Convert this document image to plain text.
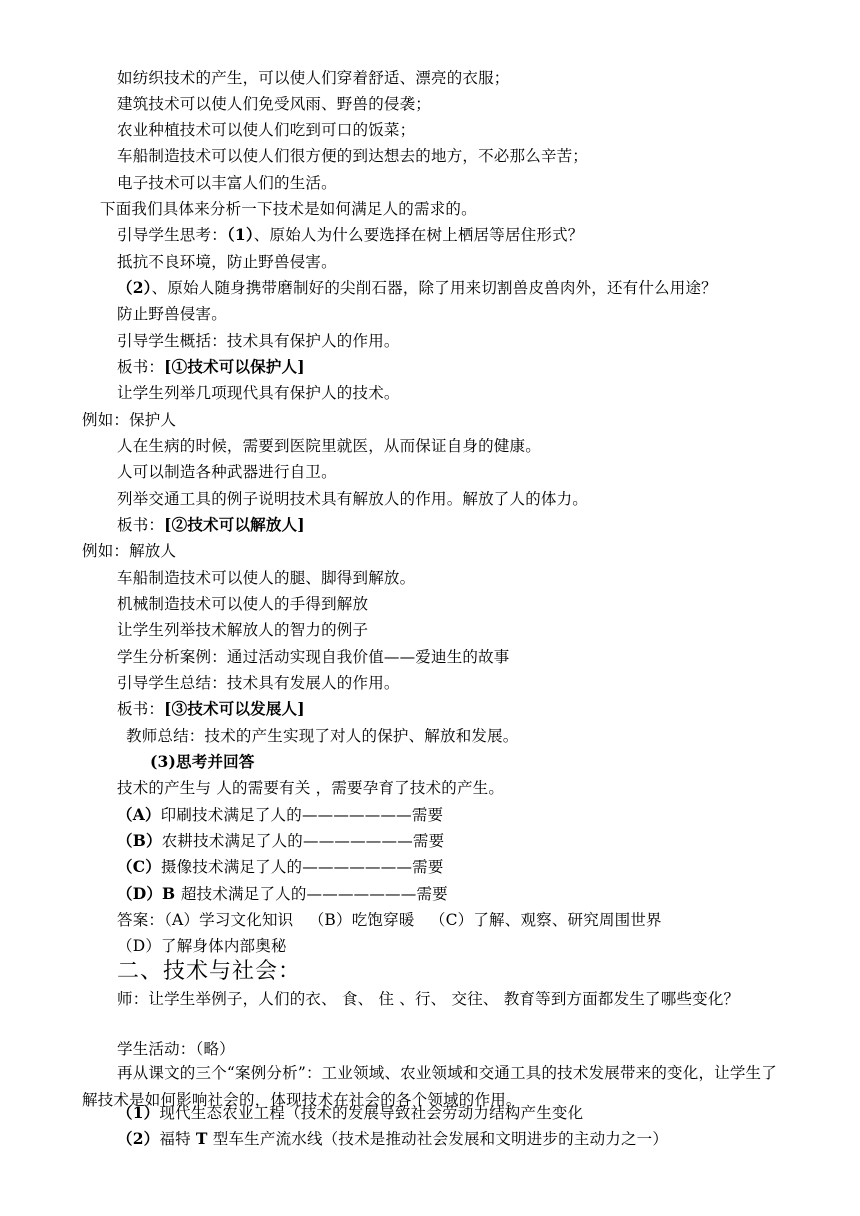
如纺织技术的产生，可以使人们穿着舒适、漂亮的衣服；
建筑技术可以使人们免受风雨、野兽的侵袭；
农业种植技术可以使人们吃到可口的饭菜；
车船制造技术可以使人们很方便的到达想去的地方，不必那么辛苦；
电子技术可以丰富人们的生活。
下面我们具体来分析一下技术是如何满足人的需求的。
引导学生思考：（1）、原始人为什么要选择在树上栖居等居住形式？
抵抗不良环境，防止野兽侵害。
（2）、原始人随身携带磨制好的尖削石器，除了用来切割兽皮兽肉外，还有什么用途？
防止野兽侵害。
引导学生概括：技术具有保护人的作用。
板书：[①技术可以保护人]
让学生列举几项现代具有保护人的技术。
例如：保护人
人在生病的时候，需要到医院里就医，从而保证自身的健康。
人可以制造各种武器进行自卫。
列举交通工具的例子说明技术具有解放人的作用。解放了人的体力。
板书：[②技术可以解放人]
例如：解放人
车船制造技术可以使人的腿、脚得到解放。
机械制造技术可以使人的手得到解放
让学生列举技术解放人的智力的例子
学生分析案例：通过活动实现自我价值——爱迪生的故事
引导学生总结：技术具有发展人的作用。
板书：[③技术可以发展人]
教师总结：技术的产生实现了对人的保护、解放和发展。
(3)思考并回答
技术的产生与 人的需要有关 ，需要孕育了技术的产生。
（A）印刷技术满足了人的———————需要
（B）农耕技术满足了人的———————需要
（C）摄像技术满足了人的———————需要
（D）B 超技术满足了人的———————需要
答案：（A）学习文化知识   （B）吃饱穿暖   （C）了解、观察、研究周围世界
（D）了解身体内部奥秘
二、技术与社会：
师：让学生举例子，人们的衣、 食、 住 、行、 交往、 教育等到方面都发生了哪些变化？
学生活动：（略）
再从课文的三个“案例分析”：工业领域、农业领域和交通工具的技术发展带来的变化，让学生了解技术是如何影响社会的，体现技术在社会的各个领域的作用。
（1）现代生态农业工程（技术的发展导致社会劳动力结构产生变化
（2）福特 T 型车生产流水线（技术是推动社会发展和文明进步的主动力之一）
